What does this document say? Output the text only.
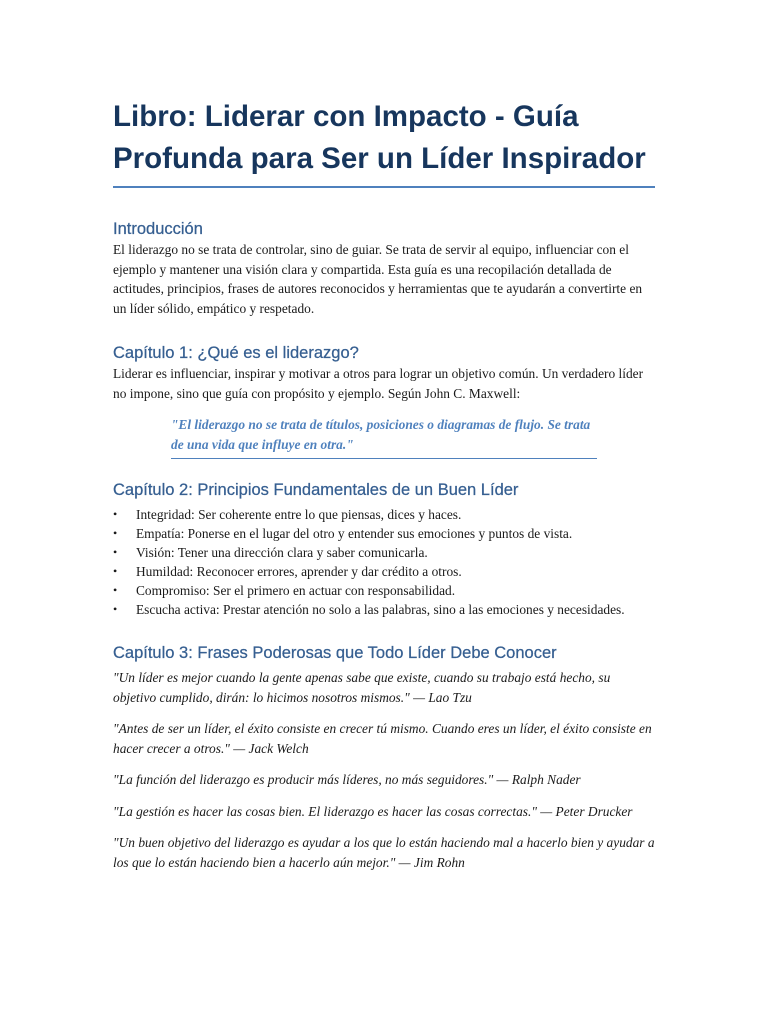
Libro: Liderar con Impacto - Guía Profunda para Ser un Líder Inspirador
Introducción

El liderazgo no se trata de controlar, sino de guiar. Se trata de servir al equipo, influenciar con el ejemplo y mantener una visión clara y compartida. Esta guía es una recopilación detallada de actitudes, principios, frases de autores reconocidos y herramientas que te ayudarán a convertirte en un líder sólido, empático y respetado.

Capítulo 1: ¿Qué es el liderazgo?

Liderar es influenciar, inspirar y motivar a otros para lograr un objetivo común. Un verdadero líder no impone, sino que guía con propósito y ejemplo. Según John C. Maxwell:

"El liderazgo no se trata de títulos, posiciones o diagramas de flujo. Se trata de una vida que influye en otra."

Capítulo 2: Principios Fundamentales de un Buen Líder
• Integridad: Ser coherente entre lo que piensas, dices y haces.
• Empatía: Ponerse en el lugar del otro y entender sus emociones y puntos de vista.
• Visión: Tener una dirección clara y saber comunicarla.
• Humildad: Reconocer errores, aprender y dar crédito a otros.
• Compromiso: Ser el primero en actuar con responsabilidad.
• Escucha activa: Prestar atención no solo a las palabras, sino a las emociones y necesidades.
Capítulo 3: Frases Poderosas que Todo Líder Debe Conocer

"Un líder es mejor cuando la gente apenas sabe que existe, cuando su trabajo está hecho, su objetivo cumplido, dirán: lo hicimos nosotros mismos." — Lao Tzu

"Antes de ser un líder, el éxito consiste en crecer tú mismo. Cuando eres un líder, el éxito consiste en hacer crecer a otros." — Jack Welch

"La función del liderazgo es producir más líderes, no más seguidores." — Ralph Nader

"La gestión es hacer las cosas bien. El liderazgo es hacer las cosas correctas." — Peter Drucker

"Un buen objetivo del liderazgo es ayudar a los que lo están haciendo mal a hacerlo bien y ayudar a los que lo están haciendo bien a hacerlo aún mejor." — Jim Rohn
